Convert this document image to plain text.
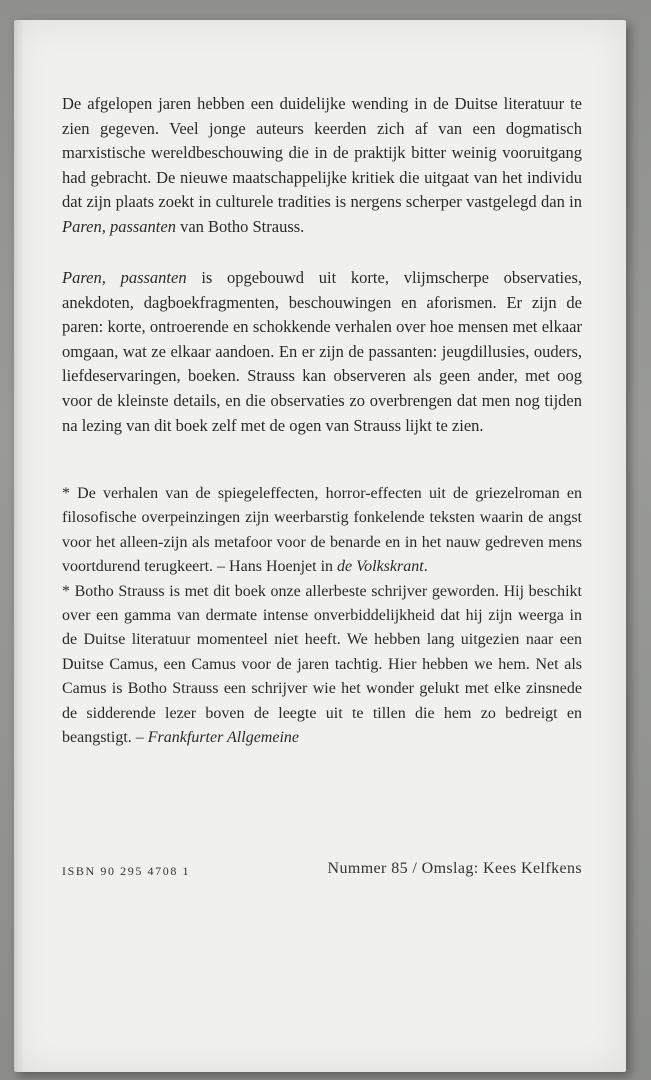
De afgelopen jaren hebben een duidelijke wending in de Duitse literatuur te zien gegeven. Veel jonge auteurs keerden zich af van een dogmatisch marxistische wereldbeschouwing die in de praktijk bitter weinig vooruitgang had gebracht. De nieuwe maatschappelijke kritiek die uitgaat van het individu dat zijn plaats zoekt in culturele tradities is nergens scherper vastgelegd dan in Paren, passanten van Botho Strauss.

Paren, passanten is opgebouwd uit korte, vlijmscherpe observaties, anekdoten, dagboekfragmenten, beschouwingen en aforismen. Er zijn de paren: korte, ontroerende en schokkende verhalen over hoe mensen met elkaar omgaan, wat ze elkaar aandoen. En er zijn de passanten: jeugdillusies, ouders, liefdeservaringen, boeken. Strauss kan observeren als geen ander, met oog voor de kleinste details, en die observaties zo overbrengen dat men nog tijden na lezing van dit boek zelf met de ogen van Strauss lijkt te zien.

* De verhalen van de spiegeleffecten, horror-effecten uit de griezelroman en filosofische overpeinzingen zijn weerbarstig fonkelende teksten waarin de angst voor het alleen-zijn als metafoor voor de benarde en in het nauw gedreven mens voortdurend terugkeert. – Hans Hoenjet in de Volkskrant.

* Botho Strauss is met dit boek onze allerbeste schrijver geworden. Hij beschikt over een gamma van dermate intense onverbiddelijkheid dat hij zijn weerga in de Duitse literatuur momenteel niet heeft. We hebben lang uitgezien naar een Duitse Camus, een Camus voor de jaren tachtig. Hier hebben we hem. Net als Camus is Botho Strauss een schrijver wie het wonder gelukt met elke zinsnede de sidderende lezer boven de leegte uit te tillen die hem zo bedreigt en beangstigt. – Frankfurter Allgemeine

ISBN 90 295 4708 1	Nummer 85 / Omslag: Kees Kelfkens
